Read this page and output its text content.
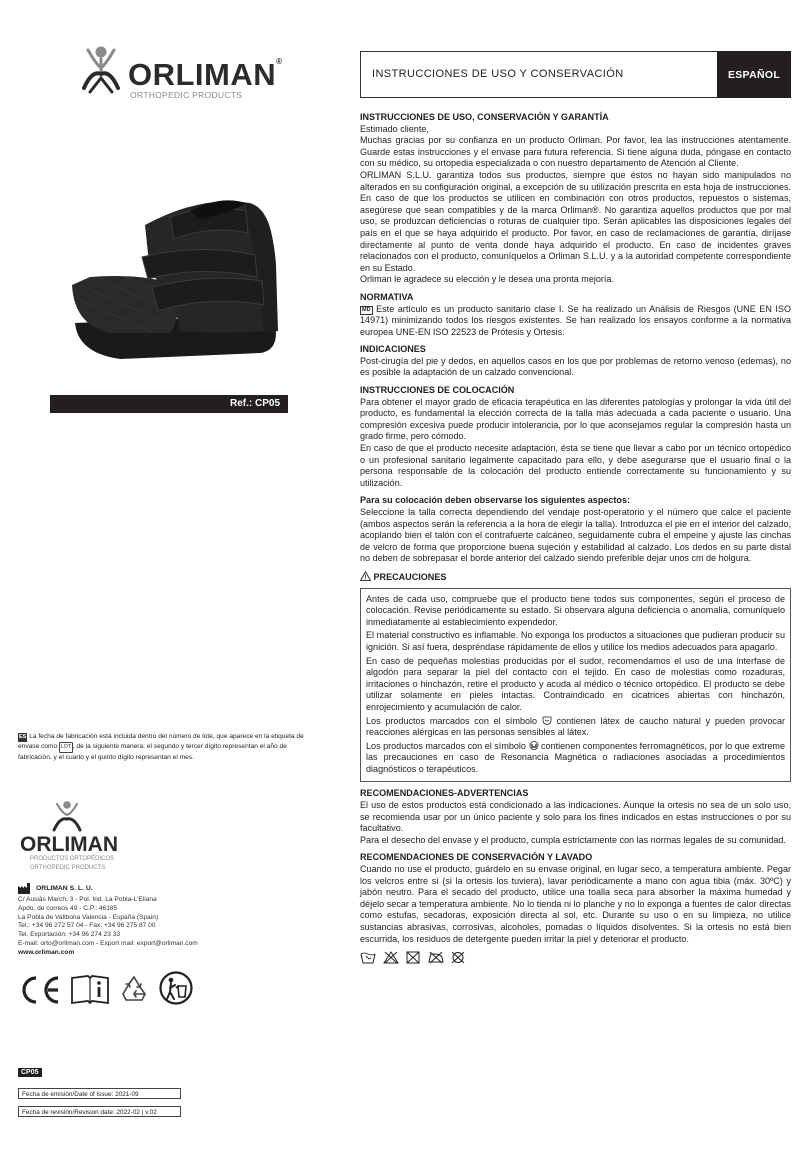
ORLIMAN®
ORTHOPEDIC PRODUCTS
INSTRUCCIONES DE USO Y CONSERVACIÓN	ESPAÑOL
Ref.: CP05
ES La fecha de fabricación está incluida dentro del número de lote, que aparece en la etiqueta de envase como LOT , de la siguiente manera: el segundo y tercer dígito representan el año de fabricación, y el cuarto y el quinto dígito representan el mes.
ORLIMAN
PRODUCTOS ORTOPÉDICOS
ORTHOPEDIC PRODUCTS
ORLIMAN S. L. U.
C/ Ausiàs March, 3 - Pol. Ind. La Pobla-L'Eliana
Apdo. de correos 49 - C.P.: 46185
La Pobla de Vallbona Valencia - España (Spain)
Tel.: +34 96 272 57 04 - Fax: +34 96 275 87 00
Tel. Exportación: +34 96 274 23 33
E-mail: orto@orliman.com - Export mail: export@orliman.com
www.orliman.com
CP05
Fecha de emisión/Date of issue: 2021-09
Fecha de revisión/Revision date: 2022-02 | v.02
INSTRUCCIONES DE USO, CONSERVACIÓN Y GARANTÍA

Estimado cliente,

Muchas gracias por su confianza en un producto Orliman. Por favor, lea las instrucciones atentamente. Guarde estas instrucciones y el envase para futura referencia. Si tiene alguna duda, póngase en contacto con su médico, su ortopedia especializada o con nuestro departamento de Atención al Cliente.

ORLIMAN S.L.U. garantiza todos sus productos, siempre que éstos no hayan sido manipulados no alterados en su configuración original, a excepción de su utilización prescrita en esta hoja de instrucciones. En caso de que los productos se utilicen en combinación con otros productos, repuestos o sistemas, asegúrese que sean compatibles y de la marca Orliman®. No garantiza aquellos productos que por mal uso, se produzcan deficiencias o roturas de cualquier tipo. Serán aplicables las disposiciones legales del país en el que se haya adquirido el producto. Por favor, en caso de reclamaciones de garantía, diríjase directamente al punto de venta donde haya adquirido el producto. En caso de incidentes graves relacionados con el producto, comuníquelos a Orliman S.L.U. y a la autoridad competente correspondiente en su Estado.

Orliman le agradece su elección y le desea una pronta mejoría.

NORMATIVA

MD Este artículo es un producto sanitario clase I. Se ha realizado un Análisis de Riesgos (UNE EN ISO 14971) minimizando todos los riesgos existentes. Se han realizado los ensayos conforme a la normativa europea UNE-EN ISO 22523 de Prótesis y Ortesis.

INDICACIONES

Post-cirugía del pie y dedos, en aquellos casos en los que por problemas de retorno venoso (edemas), no es posible la adaptación de un calzado convencional.

INSTRUCCIONES DE COLOCACIÓN

Para obtener el mayor grado de eficacia terapéutica en las diferentes patologías y prolongar la vida útil del producto, es fundamental la elección correcta de la talla más adecuada a cada paciente o usuario. Una compresión excesiva puede producir intolerancia, por lo que aconsejamos regular la compresión hasta un grado firme, pero cómodo.

En caso de que el producto necesite adaptación, ésta se tiene que llevar a cabo por un técnico ortopédico o un profesional sanitario legalmente capacitado para ello, y debe asegurarse que el usuario final o la persona responsable de la colocación del producto entiende correctamente su funcionamiento y su utilización.

Para su colocación deben observarse los siguientes aspectos:

Seleccione la talla correcta dependiendo del vendaje post-operatorio y el número que calce el paciente (ambos aspectos serán la referencia a la hora de elegir la talla). Introduzca el pie en el interior del calzado, acoplando bien el talón con el contrafuerte calcáneo, seguidamente cubra el empeine y ajuste las cinchas de velcro de forma que proporcione buena sujeción y estabilidad al calzado. Los dedos en su parte distal no deben de sobrepasar el borde anterior del calzado siendo preferible dejar unos cm de holgura.

PRECAUCIONES

Antes de cada uso, compruebe que el producto tiene todos sus componentes, según el proceso de colocación. Revise periódicamente su estado. Si observara alguna deficiencia o anomalía, comuníquelo inmediatamente al establecimiento expendedor.

El material constructivo es inflamable. No exponga los productos a situaciones que pudieran producir su ignición. Si así fuera, despréndase rápidamente de ellos y utilice los medios adecuados para apagarlo.

En caso de pequeñas molestias producidas por el sudor, recomendamos el uso de una interfase de algodón para separar la piel del contacto con el tejido. En caso de molestias como rozaduras, irritaciones o hinchazón, retire el producto y acuda al médico o técnico ortopédico. El producto se debe utilizar solamente en pieles intactas. Contraindicado en cicatrices abiertas con hinchazón, enrojecimiento y acumulación de calor.

Los productos marcados con el símbolo contienen látex de caucho natural y pueden provocar reacciones alérgicas en las personas sensibles al látex.

Los productos marcados con el símbolo contienen componentes ferromagnéticos, por lo que extreme las precauciones en caso de Resonancia Magnética o radiaciones asociadas a procedimientos diagnósticos o terapéuticos.

RECOMENDACIONES-ADVERTENCIAS

El uso de estos productos está condicionado a las indicaciones. Aunque la ortesis no sea de un solo uso, se recomienda usar por un único paciente y solo para los fines indicados en estas instrucciones o por su facultativo.

Para el desecho del envase y el producto, cumpla estrictamente con las normas legales de su comunidad.

RECOMENDACIONES DE CONSERVACIÓN Y LAVADO

Cuando no use el producto, guárdelo en su envase original, en lugar seco, a temperatura ambiente. Pegar los velcros entre sí (si la ortesis los tuviera), lavar periódicamente a mano con agua tibia (máx. 30ºC) y jabón neutro. Para el secado del producto, utilice una toalla seca para absorber la máxima humedad y déjelo secar a temperatura ambiente. No lo tienda ni lo planche y no lo exponga a fuentes de calor directas como estufas, secadoras, exposición directa al sol, etc. Durante su uso o en su limpieza, no utilice sustancias abrasivas, corrosivas, alcoholes, pomadas o líquidos disolventes. Si la ortesis no está bien escurrida, los residuos de detergente pueden irritar la piel y deteriorar el producto.
